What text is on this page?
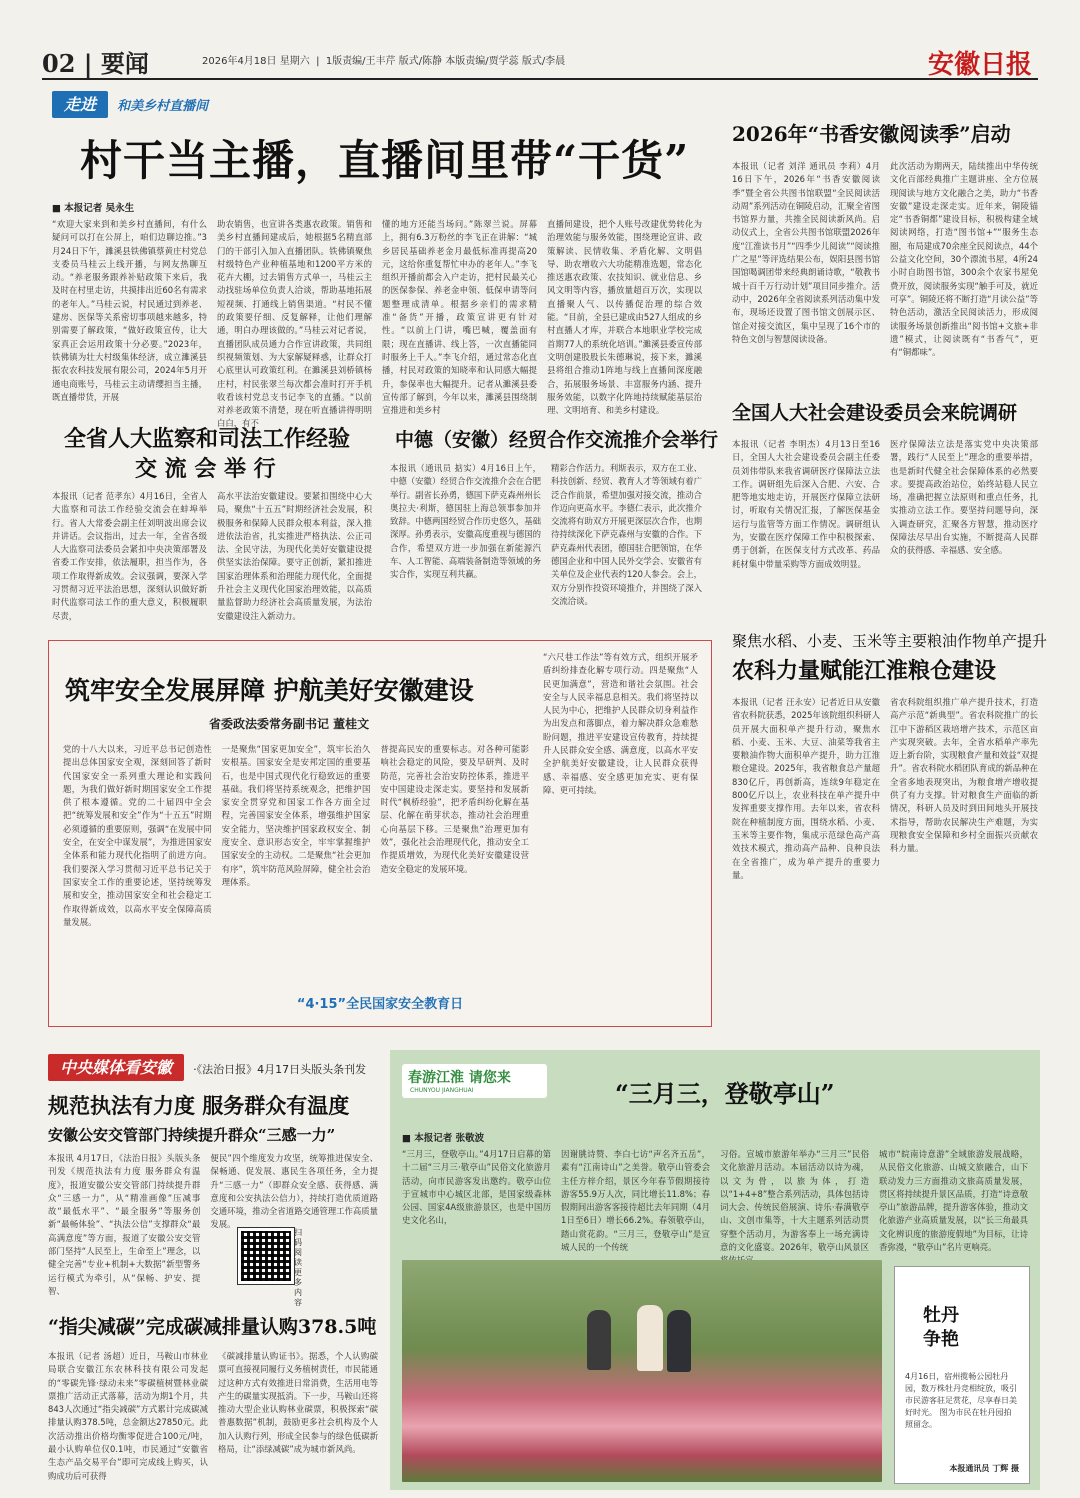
02 | 要闻	2026年4月18日 星期六  |  1版责编/王丰芹 版式/陈静 本版责编/贾学蕊 版式/李晨	安徽日报
走进 和美乡村直播间
村干当主播，直播间里带“干货”
■ 本报记者 吴永生
“欢迎大家来到和美乡村直播间，有什么疑问可以打在公屏上，咱们边聊边推。”3月24日下午，濉溪县铁佛镇蔡黄庄村党总支委员马桂云上线开播，与网友热聊互动。“养老服务跟养补贴政策下来后，我及时在村里走访，共摸排出近60名有需求的老年人。”马桂云说，村民通过到养老、建房、医保等关系密切事项越来越多，特别需要了解政策，“做好政策宣传，让大家真正会运用政策十分必要。”2023年，铁佛镇为壮大村级集体经济，成立濉溪县振农农科技发展有限公司，2024年5月开通电商账号，马桂云主动请缨担当主播，既直播带货，开展
助农销售，也宣讲各类惠农政策。销售和美乡村直播间建成后，她根据5名精直部门的干部引入加入直播团队。铁佛镇聚焦村级特色产业种植基地和1200平方米的花卉大棚，过去销售方式单一，马桂云主动找驻场单位负责人洽谈，帮助基地拓展短视频、打通线上销售渠道。“村民不懂的政策要仔细、反复解释，让他们理解通，明白办理该做的。”马桂云对记者说，直播团队成员通力合作宣讲政策，共同组织视频策划、为大家解疑释惑，让群众打心底里认可政策红利。在濉溪县刘桥镇杨庄村，村民张翠兰每次都会准时打开手机收看该村党总支书记李飞的直播。“以前对养老政策不清楚，现在听直播讲得明明白白，有不
懂的地方还能当场问。”陈翠兰说。屏幕上，拥有6.3万粉丝的李飞正在讲解：“城乡居民基础养老金月最低标准再提高20元，这给你重复帮忙申办的老年人。”李飞组织开播前都会入户走访，把村民最关心的医保参保、养老金申领、低保申请等问题整理成清单。根据乡亲们的需求精准“备货”开播，政策宣讲更有针对性。“以前上门讲，嘴巴喊，覆盖面有限；现在直播讲、线上答，一次直播能同时服务上千人。”李飞介绍，通过常态化直播，村民对政策的知晓率和认同感大幅提升，参保率也大幅提升。记者从濉溪县委宣传部了解到，今年以来，濉溪县围绕制宣推进和美乡村
直播间建设，把个人账号改建优势转化为治理效能与服务效能，围绕理论宣讲、政策解读、民情收集、矛盾化解、文明倡导、助农增收六大功能精准选题，常态化推送惠农政策、农技知识、就业信息、乡风文明等内容，播放量超百万次，实现以直播聚人气、以传播促治理的综合效能。“目前，全县已建成由527人组成的乡村直播人才库，并联合本地职业学校完成首期77人的系统化培训。”濉溪县委宣传部文明创建股股长朱德琳说，接下来，濉溪县将组合推动1阵地与线上直播间深度融合，拓展服务场景、丰富服务内涵、提升服务效能，以数字化阵地持续赋能基层治理、文明培育、和美乡村建设。
2026年“书香安徽阅读季”启动
本报讯（记者 刘洋 通讯员 李莉）4月16日下午，2026年“书香安徽阅读季”暨全省公共图书馆联盟“全民阅读活动周”系列活动在铜陵启动，汇聚全省图书馆界力量，共推全民阅读新风尚。启动仪式上，全省公共图书馆联盟2026年度“江淮读书月”“四季少儿阅读”“阅读推广之星”等评选结果公布，娱阳县图书馆国馆喝调团带来经典朗诵诗歌，“敬教书城十百千万行动计划”项目同步推介。活动中，2026年全省阅读系列活动集中发布，现场还设置了图书馆文创展示区、馆企对接交流区，集中呈现了16个市的特色文创与智慧阅读设备。
此次活动为期两天，陆续推出中华传统文化百部经典推广主题讲座、全方位展现阅读与地方文化融合之美，助力“书香安徽”建设走深走实。近年来，铜陵锚定“书香铜都”建设目标，积极构建全域阅读网络，打造“图书馆+”“服务生态圈，布局建成70余座全民阅读点，44个公益文化空间，30个漂流书屋，4所24小时自助图书馆，300余个农家书屋免费开放，阅读服务实现“触手可及，就近可享”。铜陵还将不断打造“月读公益”等特色活动，激活全民阅读活力，形成阅读服务场景创新推出“阅书馆+文旅+非遗”模式，让阅读既有“书香气”，更有“铜都味”。
全省人大监察和司法工作经验
交 流 会 举 行
本报讯（记者 范孝东）4月16日，全省人大监察和司法工作经验交流会在蚌埠举行。省人大常委会副主任刘明波出席会议并讲话。会议指出，过去一年，全省各级人大监察司法委员会紧扣中央决策部署及省委工作安排，依法履职，担当作为，各项工作取得新成效。会议强调，要深入学习贯彻习近平法治思想，深刻认识做好新时代监察司法工作的重大意义，积极履职尽责，
高水平法治安徽建设。要紧扣围绕中心大局，聚焦“十五五”时期经济社会发展，积极服务和保障人民群众根本利益，深入推进依法治省，扎实推进严格执法、公正司法、全民守法，为现代化美好安徽建设提供坚实法治保障。要守正创新，紧扣推进国家治理体系和治理能力现代化，全面提升社会主义现代化国家治理效能，以高质量监督助力经济社会高质量发展，为法治安徽建设注入新动力。
中德（安徽）经贸合作交流推介会举行
本报讯（通讯员 掂实）4月16日上午，中德（安徽）经贸合作交流推介会在合肥举行。副省长孙勇，德国下萨克森州州长奥拉夫·利斯，德国驻上海总领事参加并致辞。中德两国经贸合作历史悠久，基础深厚。孙勇表示，安徽高度重视与德国的合作，希望双方进一步加强在新能源汽车、人工智能、高端装备制造等领域的务实合作，实现互利共赢。
精彩合作活力。利斯表示，双方在工业、科技创新、经贸、教育人才等领域有着广泛合作前景，希望加强对接交流，推动合作迈向更高水平。李德仁表示，此次推介交流将有助双方开展更深层次合作，也期待持续深化下萨克森州与安徽的合作。下萨克森州代表团，德国驻合肥领馆，在华德国企业和中国人民外交学会、安徽省有关单位及企业代表约120人参会。会上，双方分别作投资环境推介，并围绕了深入交流洽谈。
全国人大社会建设委员会来皖调研
本报讯（记者 李明杰）4月13日至16日，全国人大社会建设委员会副主任委员刘伟带队来我省调研医疗保障法立法工作。调研组先后深入合肥、六安、合肥等地实地走访，开展医疗保障立法研讨，听取有关情况汇报，了解医保基金运行与监管等方面工作情况。调研组认为，安徽在医疗保障工作中积极探索、勇于创新，在医保支付方式改革、药品耗材集中带量采购等方面成效明显。
医疗保障法立法是落实党中央决策部署，践行“人民至上”理念的重要举措，也是新时代健全社会保障体系的必然要求。要提高政治站位，始终站稳人民立场，准确把握立法原则和重点任务，扎实推动立法工作。要坚持问题导向，深入调查研究，汇聚各方智慧，推动医疗保障法尽早出台实施，不断提高人民群众的获得感、幸福感、安全感。
聚焦水稻、小麦、玉米等主要粮油作物单产提升
农科力量赋能江淮粮仓建设
本报讯（记者 汪永安）记者近日从安徽省农科院获悉，2025年该院组织科研人员开展大面积单产提升行动，聚焦水稻、小麦、玉米、大豆、油菜等我省主要粮油作物大面积单产提升，助力江淮粮仓建设。2025年，我省粮食总产量超830亿斤，再创新高，连续9年稳定在800亿斤以上，农业科技在单产提升中发挥重要支撑作用。去年以来，省农科院在种植制度方面，围绕水稻、小麦、玉米等主要作物，集成示范绿色高产高效技术模式，推动高产品种、良种良法在全省推广，成为单产提升的重要力量。
省农科院组织推广单产提升技术，打造高产示范“新典型”。省农科院推广的长江中下游稻区栽培增产技术，示范区亩产实现突破。去年，全省水稻单产率先迈上新台阶，实现粮食产量和效益“双提升”。省农科院水稻团队育成的新品种在全省多地表现突出，为粮食增产增收提供了有力支撑。针对粮食生产面临的新情况，科研人员及时到田间地头开展技术指导，帮助农民解决生产难题，为实现粮食安全保障和乡村全面振兴贡献农科力量。
筑牢安全发展屏障 护航美好安徽建设
省委政法委常务副书记 董桂文
党的十八大以来，习近平总书记创造性提出总体国家安全观，深刻回答了新时代国家安全一系列重大理论和实践问题，为我们做好新时期国家安全工作提供了根本遵循。党的二十届四中全会把“统筹发展和安全”作为“十五五”时期必须遵循的重要原则，强调“在发展中同安全，在安全中谋发展”，为推进国家安全体系和能力现代化指明了前进方向。我们要深入学习贯彻习近平总书记关于国家安全工作的重要论述，坚持统筹发展和安全，推动国家安全和社会稳定工作取得新成效，以高水平安全保障高质量发展。
一是聚焦“国家更加安全”，筑牢长治久安根基。国家安全是安邦定国的重要基石，也是中国式现代化行稳致远的重要基础。我们将坚持系统观念，把维护国家安全贯穿党和国家工作各方面全过程，完善国家安全体系，增强维护国家安全能力，坚决维护国家政权安全、制度安全、意识形态安全，牢牢掌握维护国家安全的主动权。二是聚焦“社会更加有序”，筑牢防范风险屏障，健全社会治理体系。
普提高民安的重要标志。对各种可能影响社会稳定的风险，要及早研判、及时防范，完善社会治安防控体系，推进平安中国建设走深走实。要坚持和发展新时代“枫桥经验”，把矛盾纠纷化解在基层、化解在萌芽状态，推动社会治理重心向基层下移。三是聚焦“治理更加有效”，强化社会治理现代化，推动安全工作提质增效，为现代化美好安徽建设营造安全稳定的发展环境。
“六尺巷工作法”等有效方式，组织开展矛盾纠纷排查化解专项行动。四是聚焦“人民更加满意”，营造和谐社会氛围。社会安全与人民幸福息息相关。我们将坚持以人民为中心，把维护人民群众切身利益作为出发点和落脚点，着力解决群众急难愁盼问题，推进平安建设宣传教育，持续提升人民群众安全感、满意度，以高水平安全护航美好安徽建设，让人民群众获得感、幸福感、安全感更加充实、更有保障、更可持续。
“4·15”全民国家安全教育日
中央媒体看安徽 ·《法治日报》4月17日头版头条刊发
规范执法有力度 服务群众有温度
安徽公安交管部门持续提升群众“三感一力”
本报讯 4月17日，《法治日报》头版头条刊发《规范执法有力度 服务群众有温度》，报道安徽公安交管部门持续提升群众“三感一力”，从“精准画像”压减事故“最低水平”、“最全服务”等服务创新“最畅体验”、“执法公信”支撑群众“最高满意度”等方面，报道了安徽公安交管部门坚持“人民至上，生命至上”理念，以健全完善“专业+机制+大数据”新型警务运行模式为牵引，从“保畅、护安、提智、
便民”四个维度发力攻坚，统筹推进保安全、保畅通、促发展、惠民生各项任务，全力提升“三感一力”（即群众安全感、获得感、满意度和公安执法公信力），持续打造优质道路交通环境，推动全省道路交通管理工作高质量发展。
扫码阅读更多内容
“指尖减碳”完成碳减排量认购378.5吨
本报讯（记者 汤超）近日，马鞍山市林业局联合安徽江东农林科技有限公司发起的“零碳先锋·绿动未来”零碳植树暨林业碳票推广活动正式落幕，活动为期1个月，共843人次通过“指尖减碳”方式累计完成碳减排量认购378.5吨，总金额达27850元。此次活动推出价格均衡零促进合100元/吨，最小认购单位仅0.1吨，市民通过“安徽省生态产品交易平台”即可完成线上购买，认购成功后可获得
《碳减排量认购证书》。据悉，个人认购碳票可直接视同履行义务植树责任，市民能通过这种方式有效推进日常消费，生活用电等产生的碳量实现抵消。下一步，马鞍山还将推动大型企业认购林业碳票，积极探索“碳普惠数据”机制，鼓励更多社会机构及个人加入认购行列，形成全民参与的绿色低碳新格局，让“添绿减碳”成为城市新风尚。
春游江淮 请您来
CHUNYOU JIANGHUAI	“三月三，登敬亭山”
■ 本报记者 张敬波
“三月三，登敬亭山。”4月17日启幕的第十二届“三月三·敬亭山”民俗文化旅游月活动，向市民游客发出邀约。敬亭山位于宣城市中心城区北部，是国家级森林公园、国家4A级旅游景区，也是中国历史文化名山，
因谢朓诗赞、李白七访“声名齐五岳”，素有“江南诗山”之美誉。敬亭山管委会主任方梓介绍，景区今年春节假期接待游客55.9万人次，同比增长11.8%；春假期间出游客客接待超比去年同期（4月1日至6日）增长66.2%。春领敬亭山，踏山赏花韵。“三月三，登敬亭山”是宣城人民的一个传统
习俗。宣城市旅游年举办“三月三”民俗文化旅游月活动。本届活动以诗为魂，以文为骨，以旅为体，打造以“1+4+8”整合系列活动，具体包括诗词大会、传统民俗展演、诗乐·春满敬亭山、文创市集等，十大主题系列活动贯穿整个活动月，为游客奉上一场充满诗意的文化盛宴。2026年，敬亭山风景区
城市“皖南诗意游”全域旅游发展战略，从民俗文化旅游、山城文旅融合，山下联动发力三方面推动文旅高质量发展，贯区将持续提升景区品质，打造“诗意敬亭山”旅游品牌，提升游客体验，推动文化旅游产业高质量发展，以“长三角最具文化辨识度的旅游度假地”为目标，让诗香弥漫，“敬亭山”名片更响亮。
牡丹
争艳
4月16日，宿州揽畅公园牡丹园，数万株牡丹竞相绽放，吸引市民游客驻足赏花，尽享春日美好时光。 图为市民在牡丹园拍照留念。
本报通讯员 丁辉 摄
